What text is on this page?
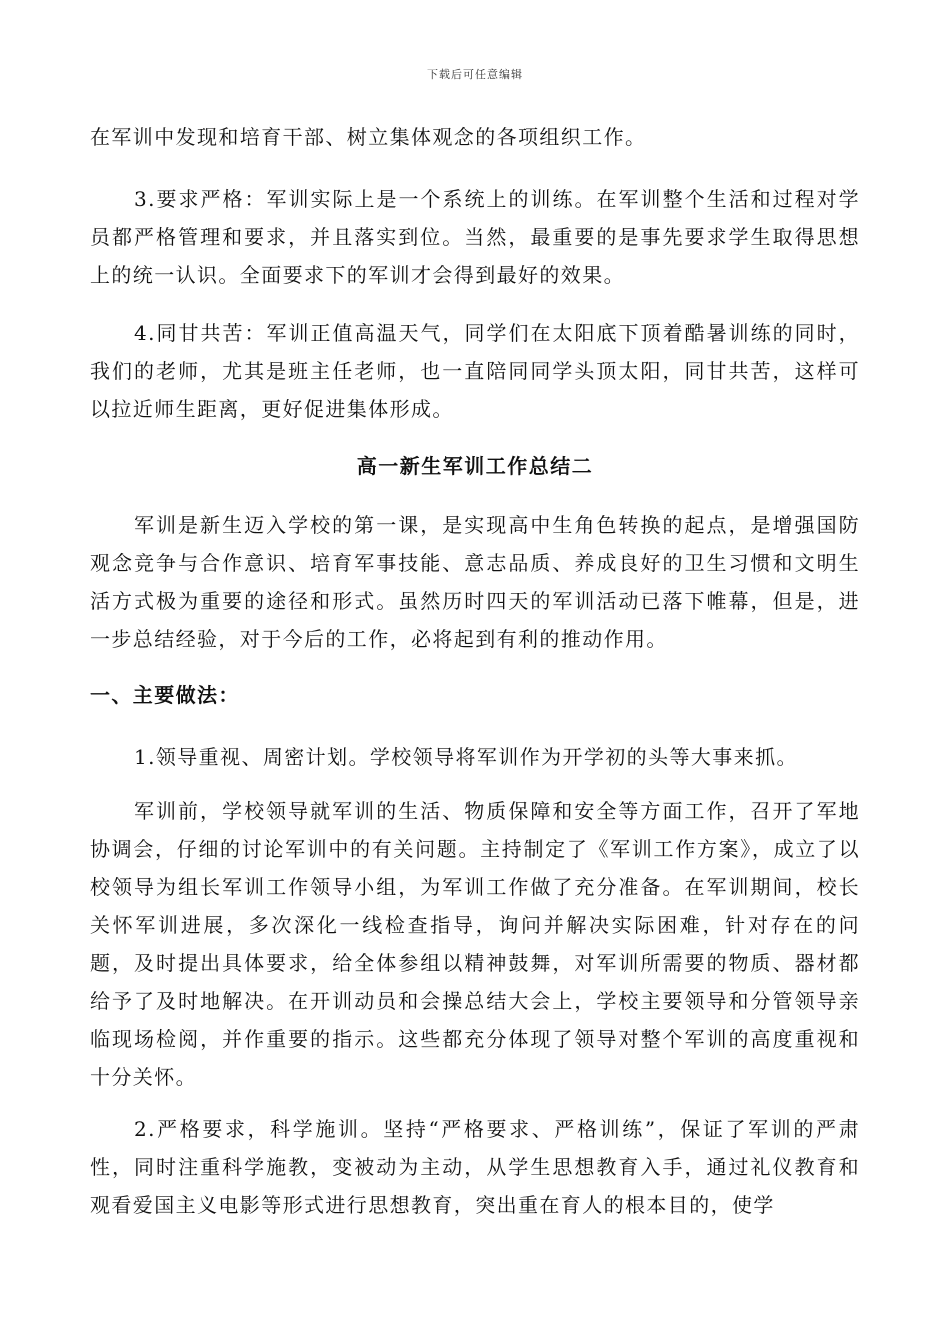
下载后可任意编辑

在军训中发现和培育干部、树立集体观念的各项组织工作。

3.要求严格：军训实际上是一个系统上的训练。在军训整个生活和过程对学员都严格管理和要求，并且落实到位。当然，最重要的是事先要求学生取得思想上的统一认识。全面要求下的军训才会得到最好的效果。

4.同甘共苦：军训正值高温天气，同学们在太阳底下顶着酷暑训练的同时，我们的老师，尤其是班主任老师，也一直陪同同学头顶太阳，同甘共苦，这样可以拉近师生距离，更好促进集体形成。

高一新生军训工作总结二

军训是新生迈入学校的第一课，是实现高中生角色转换的起点，是增强国防观念竞争与合作意识、培育军事技能、意志品质、养成良好的卫生习惯和文明生活方式极为重要的途径和形式。虽然历时四天的军训活动已落下帷幕，但是，进一步总结经验，对于今后的工作，必将起到有利的推动作用。

一、主要做法：

1.领导重视、周密计划。学校领导将军训作为开学初的头等大事来抓。

军训前，学校领导就军训的生活、物质保障和安全等方面工作，召开了军地协调会，仔细的讨论军训中的有关问题。主持制定了《军训工作方案》，成立了以校领导为组长军训工作领导小组，为军训工作做了充分准备。在军训期间，校长关怀军训进展，多次深化一线检查指导，询问并解决实际困难，针对存在的问题，及时提出具体要求，给全体参组以精神鼓舞，对军训所需要的物质、器材都给予了及时地解决。在开训动员和会操总结大会上，学校主要领导和分管领导亲临现场检阅，并作重要的指示。这些都充分体现了领导对整个军训的高度重视和十分关怀。

2.严格要求，科学施训。坚持“严格要求、严格训练”，保证了军训的严肃性，同时注重科学施教，变被动为主动，从学生思想教育入手，通过礼仪教育和观看爱国主义电影等形式进行思想教育，突出重在育人的根本目的，使学
